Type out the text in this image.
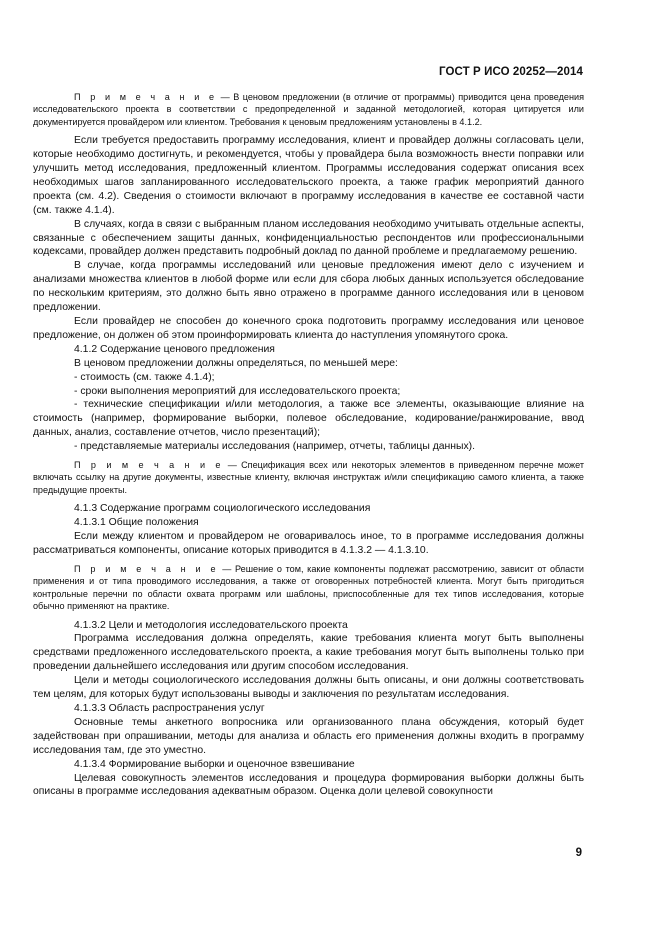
ГОСТ Р ИСО 20252—2014

П р и м е ч а н и е — В ценовом предложении (в отличие от программы) приводится цена проведения исследовательского проекта в соответствии с предопределенной и заданной методологией, которая цитируется или документируется провайдером или клиентом. Требования к ценовым предложениям установлены в 4.1.2.

Если требуется предоставить программу исследования, клиент и провайдер должны согласовать цели, которые необходимо достигнуть, и рекомендуется, чтобы у провайдера была возможность внести поправки или улучшить метод исследования, предложенный клиентом. Программы исследования содержат описания всех необходимых шагов запланированного исследовательского проекта, а также график мероприятий данного проекта (см. 4.2). Сведения о стоимости включают в программу исследования в качестве ее составной части (см. также 4.1.4).

В случаях, когда в связи с выбранным планом исследования необходимо учитывать отдельные аспекты, связанные с обеспечением защиты данных, конфиденциальностью респондентов или профессиональными кодексами, провайдер должен представить подробный доклад по данной проблеме и предлагаемому решению.

В случае, когда программы исследований или ценовые предложения имеют дело с изучением и анализами множества клиентов в любой форме или если для сбора любых данных используется обследование по нескольким критериям, это должно быть явно отражено в программе данного исследования или в ценовом предложении.

Если провайдер не способен до конечного срока подготовить программу исследования или ценовое предложение, он должен об этом проинформировать клиента до наступления упомянутого срока.

4.1.2 Содержание ценового предложения

В ценовом предложении должны определяться, по меньшей мере:

- стоимость (см. также 4.1.4);

- сроки выполнения мероприятий для исследовательского проекта;

- технические спецификации и/или методология, а также все элементы, оказывающие влияние на стоимость (например, формирование выборки, полевое обследование, кодирование/ранжирование, ввод данных, анализ, составление отчетов, число презентаций);

- представляемые материалы исследования (например, отчеты, таблицы данных).

П р и м е ч а н и е — Спецификация всех или некоторых элементов в приведенном перечне может включать ссылку на другие документы, известные клиенту, включая инструктаж и/или спецификацию самого клиента, а также предыдущие проекты.

4.1.3 Содержание программ социологического исследования

4.1.3.1 Общие положения

Если между клиентом и провайдером не оговаривалось иное, то в программе исследования должны рассматриваться компоненты, описание которых приводится в 4.1.3.2 — 4.1.3.10.

П р и м е ч а н и е — Решение о том, какие компоненты подлежат рассмотрению, зависит от области применения и от типа проводимого исследования, а также от оговоренных потребностей клиента. Могут быть пригодиться контрольные перечни по области охвата программ или шаблоны, приспособленные для тех типов исследования, которые обычно применяют на практике.

4.1.3.2 Цели и методология исследовательского проекта

Программа исследования должна определять, какие требования клиента могут быть выполнены средствами предложенного исследовательского проекта, а какие требования могут быть выполнены только при проведении дальнейшего исследования или другим способом исследования.

Цели и методы социологического исследования должны быть описаны, и они должны соответствовать тем целям, для которых будут использованы выводы и заключения по результатам исследования.

4.1.3.3 Область распространения услуг

Основные темы анкетного вопросника или организованного плана обсуждения, который будет задействован при опрашивании, методы для анализа и область его применения должны входить в программу исследования там, где это уместно.

4.1.3.4 Формирование выборки и оценочное взвешивание

Целевая совокупность элементов исследования и процедура формирования выборки должны быть описаны в программе исследования адекватным образом. Оценка доли целевой совокупности

9
